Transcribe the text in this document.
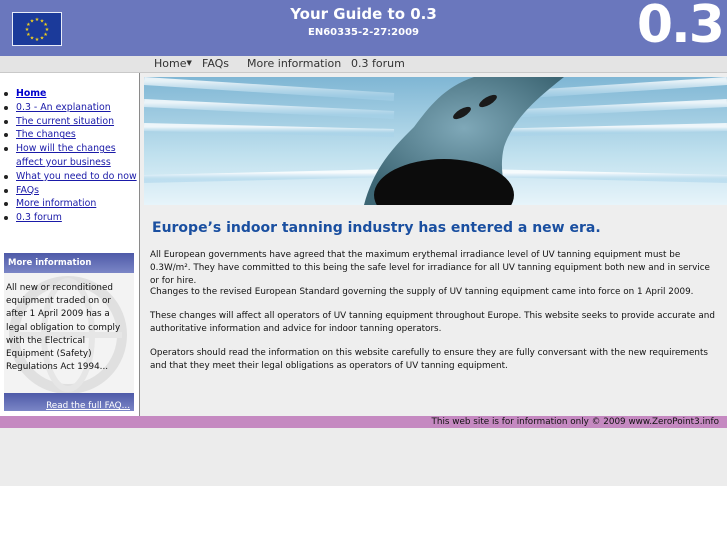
★ ★
★
★
★
★
★
★
★
★
★
★	Your Guide to 0.3
EN60335-2-27:2009	0.3
Home▼ FAQs More information 0.3 forum
Home
0.3 - An explanation
The current situation
The changes
How will the changes affect your business
What you need to do now
FAQs
More information
0.3 forum
More information
All new or reconditioned equipment traded on or after 1 April 2009 has a legal obligation to comply with the Electrical Equipment (Safety) Regulations Act 1994...
Read the full FAQ...
Europe’s indoor tanning industry has entered a new era.
All European governments have agreed that the maximum erythemal irradiance level of UV tanning equipment must be 0.3W/m². They have committed to this being the safe level for irradiance for all UV tanning equipment both new and in service or for hire.
Changes to the revised European Standard governing the supply of UV tanning equipment came into force on 1 April 2009.
These changes will affect all operators of UV tanning equipment throughout Europe. This website seeks to provide accurate and authoritative information and advice for indoor tanning operators.
Operators should read the information on this website carefully to ensure they are fully conversant with the new requirements and that they meet their legal obligations as operators of UV tanning equipment.
This web site is for information only © 2009 www.ZeroPoint3.info
